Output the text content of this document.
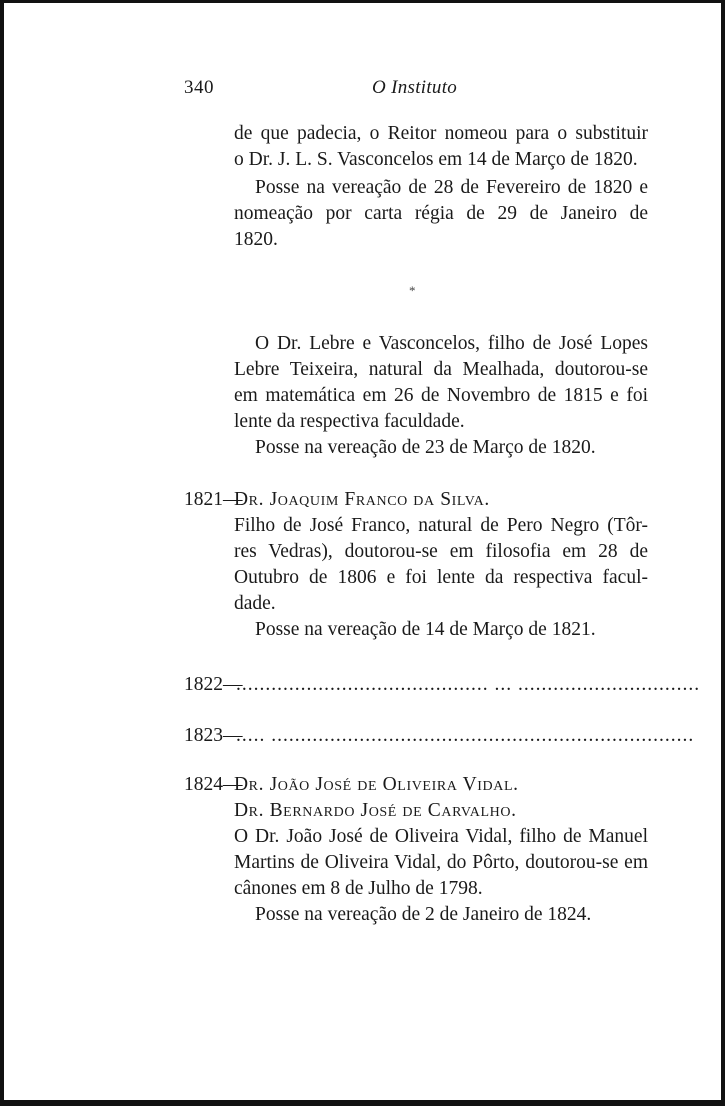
340	O Instituto
de que padecia, o Reitor nomeou para o substituir
o Dr. J. L. S. Vasconcelos em 14 de Março de 1820.
Posse na vereação de 28 de Fevereiro de 1820 e
nomeação por carta régia de 29 de Janeiro de
1820.
*
O Dr. Lebre e Vasconcelos, filho de José Lopes
Lebre Teixeira, natural da Mealhada, doutorou-se
em matemática em 26 de Novembro de 1815 e foi
lente da respectiva faculdade.
Posse na vereação de 23 de Março de 1820.
1821—
Dr. Joaquim Franco da Silva.
Filho de José Franco, natural de Pero Negro (Tôr-
res Vedras), doutorou-se em filosofia em 28 de
Outubro de 1806 e foi lente da respectiva facul-
dade.
Posse na vereação de 14 de Março de 1821.
1822—
........................................... ... ...............................
1823—
..... ........................................................................
1824—
Dr. João José de Oliveira Vidal.
Dr. Bernardo José de Carvalho.
O Dr. João José de Oliveira Vidal, filho de Manuel
Martins de Oliveira Vidal, do Pôrto, doutorou-se em
cânones em 8 de Julho de 1798.
Posse na vereação de 2 de Janeiro de 1824.
